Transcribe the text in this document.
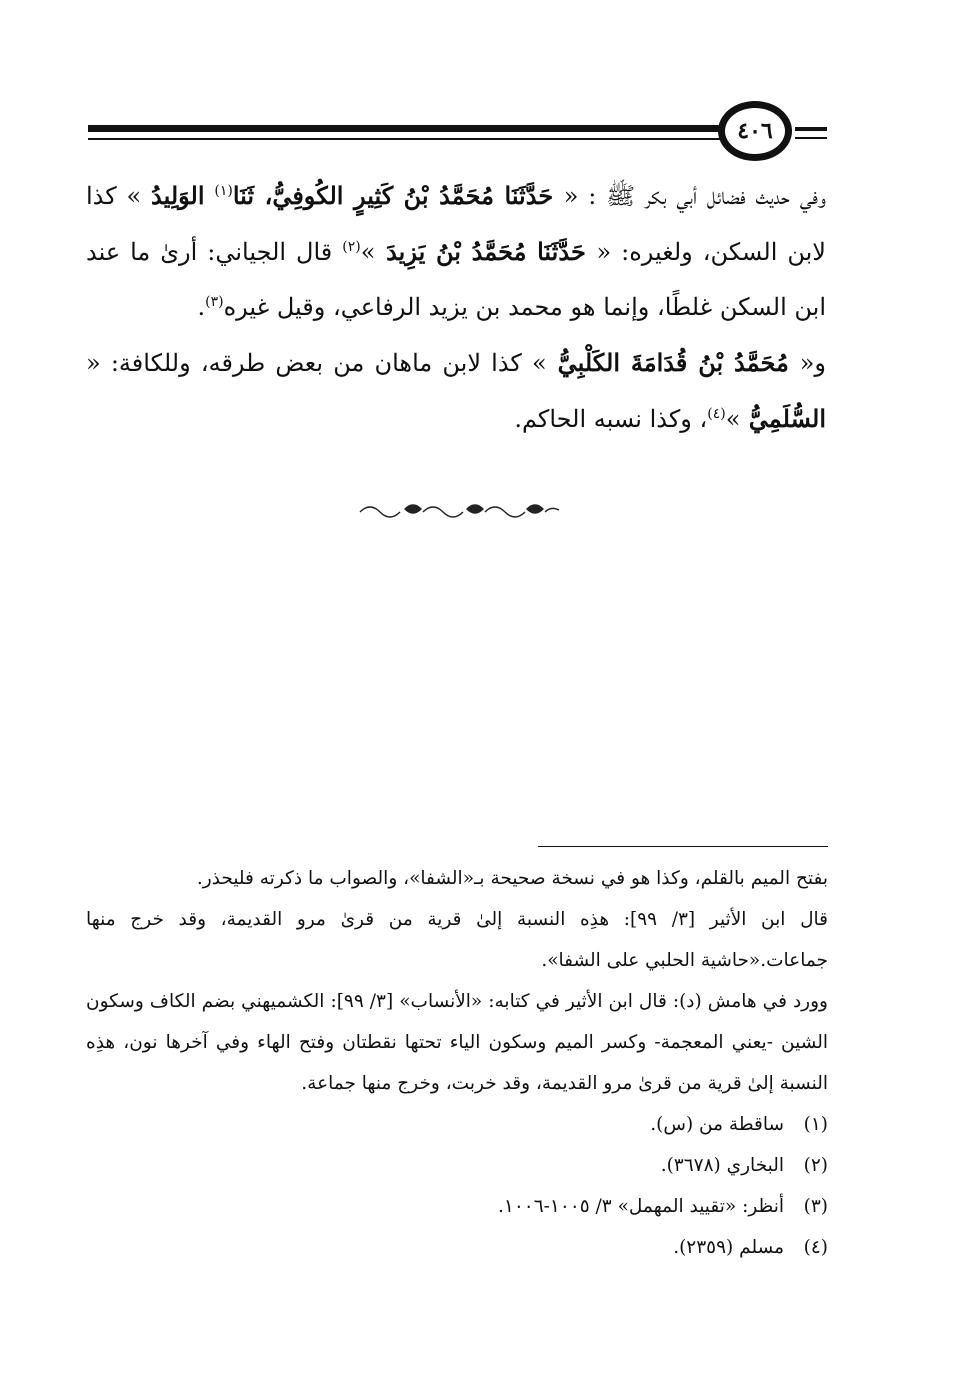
٤٠٦

وفي حديث فضائل أبي بكر ﷺ : « حَدَّثَنَا مُحَمَّدُ بْنُ كَثِيرٍ الكُوفِيُّ، ثَنَا$^{(١)}$ الوَلِيدُ » كذا لابن السكن، ولغيره: « حَدَّثَنَا مُحَمَّدُ بْنُ يَزِيدَ »$^{(٢)}$ قال الجياني: أرىٰ ما عند ابن السكن غلطًا، وإنما هو محمد بن يزيد الرفاعي، وقيل غيره$^{(٣)}$.

و« مُحَمَّدُ بْنُ قُدَامَةَ الكَلْبِيُّ » كذا لابن ماهان من بعض طرقه، وللكافة: « السُّلَمِيُّ »$^{(٤)}$، وكذا نسبه الحاكم.

بفتح الميم بالقلم، وكذا هو في نسخة صحيحة بـ«الشفا»، والصواب ما ذكرته فليحذر.

قال ابن الأثير [٣/ ٩٩]: هذِه النسبة إلىٰ قرية من قرىٰ مرو القديمة، وقد خرج منها جماعات.«حاشية الحلبي على الشفا».

وورد في هامش (د): قال ابن الأثير في كتابه: «الأنساب» [٣/ ٩٩]: الكشميهني بضم الكاف وسكون الشين -يعني المعجمة- وكسر الميم وسكون الياء تحتها نقطتان وفتح الهاء وفي آخرها نون، هذِه النسبة إلىٰ قرية من قرىٰ مرو القديمة، وقد خربت، وخرج منها جماعة.

(١)
ساقطة من (س).
(٢)
البخاري (٣٦٧٨).
(٣)
أنظر: «تقييد المهمل» ٣/ ١٠٠٥-١٠٠٦.
(٤)
مسلم (٢٣٥٩).
